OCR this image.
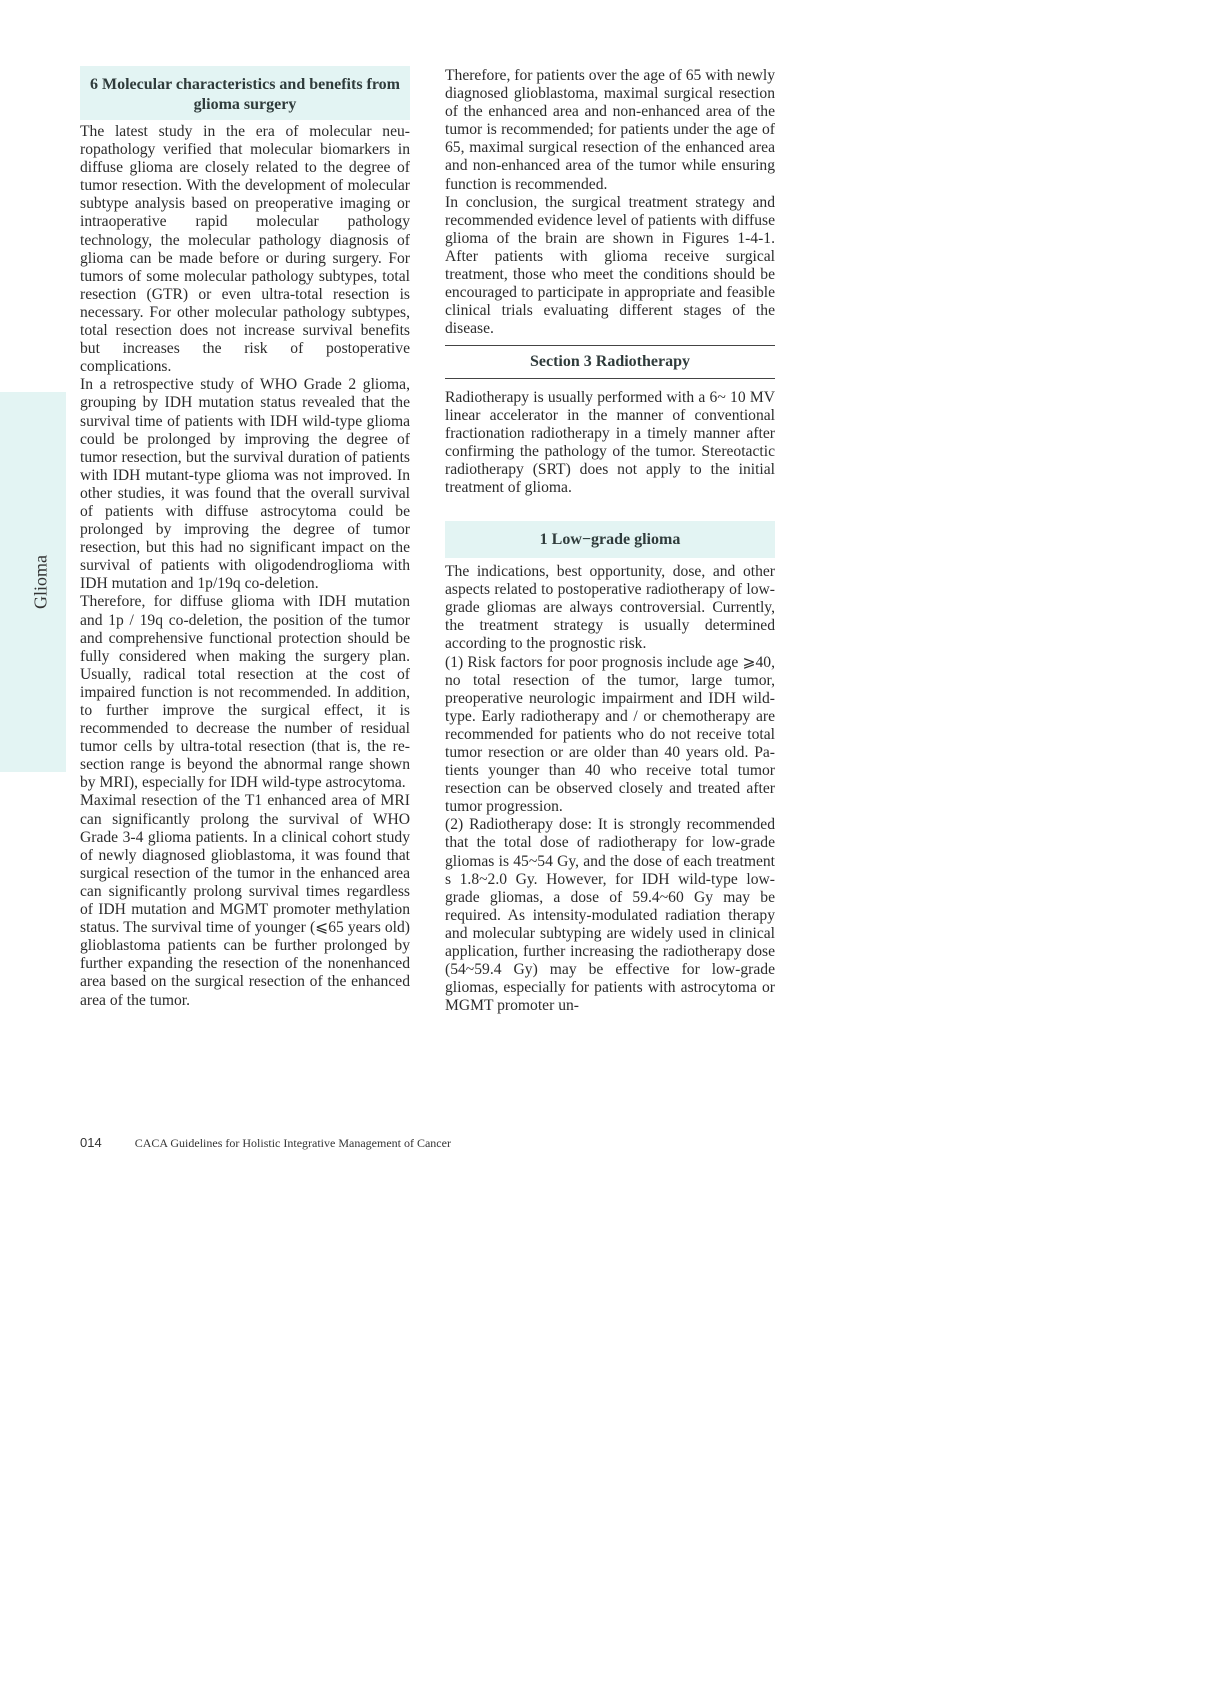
Glioma
6 Molecular characteristics and benefits from glioma surgery

The latest study in the era of molecular neuropathology verified that molecular biomarkers in diffuse glioma are closely related to the degree of tumor resection. With the development of molecular subtype analysis based on preoperative imaging or intraoperative rapid molecular pathology technology, the molecular pathology diagnosis of glioma can be made before or during surgery. For tumors of some molecular pathology subtypes, total resection (GTR) or even ultra-total resection is necessary. For other molecular pathology subtypes, total resection does not increase survival benefits but increases the risk of postoperative complications.

In a retrospective study of WHO Grade 2 glioma, grouping by IDH mutation status revealed that the survival time of patients with IDH wild-type glioma could be prolonged by improving the degree of tumor resection, but the survival duration of patients with IDH mutant-type glioma was not improved. In other studies, it was found that the overall survival of patients with diffuse astrocytoma could be prolonged by improving the degree of tumor resection, but this had no significant impact on the survival of patients with oligodendroglioma with IDH mutation and 1p/19q co-deletion.

Therefore, for diffuse glioma with IDH mutation and 1p / 19q co-deletion, the position of the tumor and comprehensive functional protection should be fully considered when making the surgery plan. Usually, radical total resection at the cost of impaired function is not recommended. In addition, to further improve the surgical effect, it is recommended to decrease the number of residual tumor cells by ultra-total resection (that is, the resection range is beyond the abnormal range shown by MRI), especially for IDH wild-type astrocytoma.

Maximal resection of the T1 enhanced area of MRI can significantly prolong the survival of WHO Grade 3-4 glioma patients. In a clinical cohort study of newly diagnosed glioblastoma, it was found that surgical resection of the tumor in the enhanced area can significantly prolong survival times regardless of IDH mutation and MGMT promoter methylation status. The survival time of younger (⩽65 years old) glioblastoma patients can be further prolonged by further expanding the resection of the nonenhanced area based on the surgical resection of the enhanced area of the tumor.

Therefore, for patients over the age of 65 with newly diagnosed glioblastoma, maximal surgical resection of the enhanced area and non-enhanced area of the tumor is recommended; for patients under the age of 65, maximal surgical resection of the enhanced area and non-enhanced area of the tumor while ensuring function is recommended.

In conclusion, the surgical treatment strategy and recommended evidence level of patients with diffuse glioma of the brain are shown in Figures 1-4-1. After patients with glioma receive surgical treatment, those who meet the conditions should be encouraged to participate in appropriate and feasible clinical trials evaluating different stages of the disease.

Section 3 Radiotherapy

Radiotherapy is usually performed with a 6~ 10 MV linear accelerator in the manner of conventional fractionation radiotherapy in a timely manner after confirming the pathology of the tumor. Stereotactic radiotherapy (SRT) does not apply to the initial treatment of glioma.

1 Low−grade glioma

The indications, best opportunity, dose, and other aspects related to postoperative radiotherapy of low-grade gliomas are always controversial. Currently, the treatment strategy is usually determined according to the prognostic risk.

(1) Risk factors for poor prognosis include age ⩾40, no total resection of the tumor, large tumor, preoperative neurologic impairment and IDH wild-type. Early radiotherapy and / or chemotherapy are recommended for patients who do not receive total tumor resection or are older than 40 years old. Patients younger than 40 who receive total tumor resection can be observed closely and treated after tumor progression.

(2) Radiotherapy dose: It is strongly recommended that the total dose of radiotherapy for low-grade gliomas is 45~54 Gy, and the dose of each treatment s 1.8~2.0 Gy. However, for IDH wild-type low-grade gliomas, a dose of 59.4~60 Gy may be required. As intensity-modulated radiation therapy and molecular subtyping are widely used in clinical application, further increasing the radiotherapy dose (54~59.4 Gy) may be effective for low-grade gliomas, especially for patients with astrocytoma or MGMT promoter un-

014	CACA Guidelines for Holistic Integrative Management of Cancer
